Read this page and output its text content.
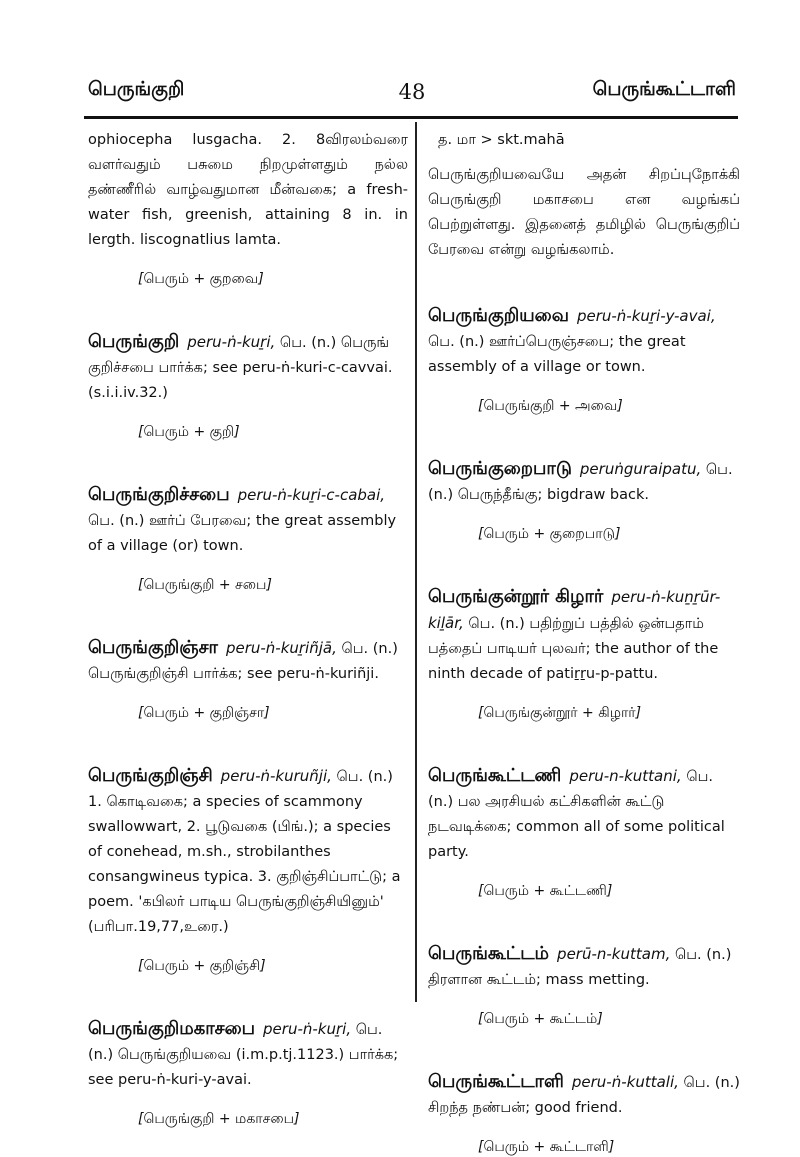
பெருங்குறி	48	பெருங்கூட்டாளி
ophiocepha lusgacha. 2. 8விரலம்வரை வளர்வதும் பசுமை நிறமுள்ளதும் நல்ல தண்ணீரில் வாழ்வதுமான மீன்வகை; a fresh-water fish, greenish, attaining 8 in. in lergth. liscognatlius lamta.
[பெரும் + குறவை]
பெருங்குறி peru-ṅ-kuṟi, பெ. (n.) பெருங் குறிச்சபை பார்க்க; see peru-ṅ-kuri-c-cavvai. (s.i.i.iv.32.)
[பெரும் + குறி]
பெருங்குறிச்சபை peru-ṅ-kuṟi-c-cabai, பெ. (n.) ஊர்ப் பேரவை; the great assembly of a village (or) town.
[பெருங்குறி + சபை]
பெருங்குறிஞ்சா peru-ṅ-kuṟiñjā, பெ. (n.) பெருங்குறிஞ்சி பார்க்க; see peru-ṅ-kuriñji.
[பெரும் + குறிஞ்சா]
பெருங்குறிஞ்சி peru-ṅ-kuruñji, பெ. (n.) 1. கொடிவகை; a species of scammony swallowwart, 2. பூடுவகை (பிங்.); a species of conehead, m.sh., strobilanthes consangwineus typica. 3. குறிஞ்சிப்பாட்டு; a poem. 'கபிலர் பாடிய பெருங்குறிஞ்சியினும்' (பரிபா.19,77,உரை.)
[பெரும் + குறிஞ்சி]
பெருங்குறிமகாசபை peru-ṅ-kuṟi, பெ. (n.) பெருங்குறியவை (i.m.p.tj.1123.) பார்க்க; see peru-ṅ-kuri-y-avai.
[பெருங்குறி + மகாசபை]
த. மா > skt.mahā
பெருங்குறியவையே அதன் சிறப்புநோக்கி பெருங்குறி மகாசபை என வழங்கப் பெற்றுள்ளது. இதனைத் தமிழில் பெருங்குறிப் பேரவை என்று வழங்கலாம்.
பெருங்குறியவை peru-ṅ-kuṟi-y-avai, பெ. (n.) ஊர்ப்பெருஞ்சபை; the great assembly of a village or town.
[பெருங்குறி + அவை]
பெருங்குறைபாடு peruṅguraipatu, பெ. (n.) பெருந்தீங்கு; bigdraw back.
[பெரும் + குறைபாடு]
பெருங்குன்றூர் கிழார் peru-ṅ-kuṉṟūr-kiḻār, பெ. (n.) பதிற்றுப் பத்தில் ஒன்பதாம் பத்தைப் பாடியர் புலவர்; the author of the ninth decade of patiṟṟu-p-pattu.
[பெருங்குன்றூர் + கிழார்]
பெருங்கூட்டணி peru-n-kuttani, பெ. (n.) பல அரசியல் கட்சிகளின் கூட்டு நடவடிக்கை; common all of some political party.
[பெரும் + கூட்டணி]
பெருங்கூட்டம் perū-n-kuttam, பெ. (n.) திரளான கூட்டம்; mass metting.
[பெரும் + கூட்டம்]
பெருங்கூட்டாளி peru-ṅ-kuttali, பெ. (n.) சிறந்த நண்பன்; good friend.
[பெரும் + கூட்டாளி]
